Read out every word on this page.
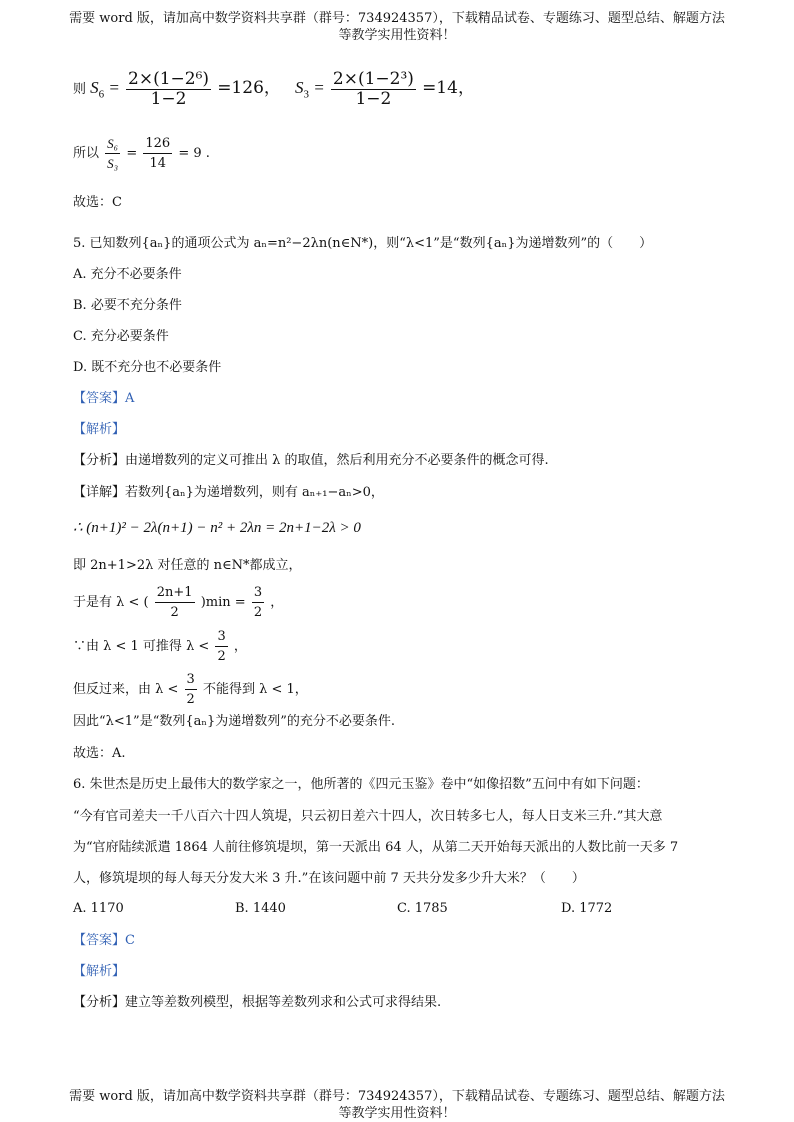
需要 word 版，请加高中数学资料共享群（群号：734924357），下载精品试卷、专题练习、题型总结、解题方法
等教学实用性资料！
则 $S_6 = \frac{\text{2×(1−2⁶)}}{1-2} =126$， $S_3 = \frac{\text{2×(1−2³)}}{1-2} =14$，
所以 $\frac{\text{S₆}}{\text{S₃}} = \frac{126}{14} = 9$ .
故选：C
5. 已知数列{aₙ}的通项公式为 aₙ=n²−2λn(n∈N*)，则“λ<1”是“数列{aₙ}为递增数列”的（　　）
A. 充分不必要条件
B. 必要不充分条件
C. 充分必要条件
D. 既不充分也不必要条件
【答案】A
【解析】
【分析】由递增数列的定义可推出 λ 的取值，然后利用充分不必要条件的概念可得.
【详解】若数列{aₙ}为递增数列，则有 aₙ₊₁−aₙ>0，
∴ (n+1)² − 2λ(n+1) − n² + 2λn = 2n+1−2λ > 0
即 2n+1>2λ 对任意的 n∈N*都成立，
于是有 λ < ( $\frac{2n+1}{2} )\min = \frac{3}{2}$ ，
∵由 λ < 1 可推得 $\lambda < \frac{3}{2}$ ，
但反过来，由 $\lambda < \frac{3}{2}$ 不能得到 λ < 1，
因此“λ<1”是“数列{aₙ}为递增数列”的充分不必要条件.
故选：A.
6. 朱世杰是历史上最伟大的数学家之一，他所著的《四元玉鉴》卷中“如像招数”五问中有如下问题：
“今有官司差夫一千八百六十四人筑堤，只云初日差六十四人，次日转多七人，每人日支米三升.”其大意
为“官府陆续派遣 1864 人前往修筑堤坝，第一天派出 64 人，从第二天开始每天派出的人数比前一天多 7
人，修筑堤坝的每人每天分发大米 3 升.”在该问题中前 7 天共分发多少升大米？（　　）
A. 1170	B. 1440	C. 1785	D. 1772
【答案】C
【解析】
【分析】建立等差数列模型，根据等差数列求和公式可求得结果.
需要 word 版，请加高中数学资料共享群（群号：734924357），下载精品试卷、专题练习、题型总结、解题方法
等教学实用性资料！
